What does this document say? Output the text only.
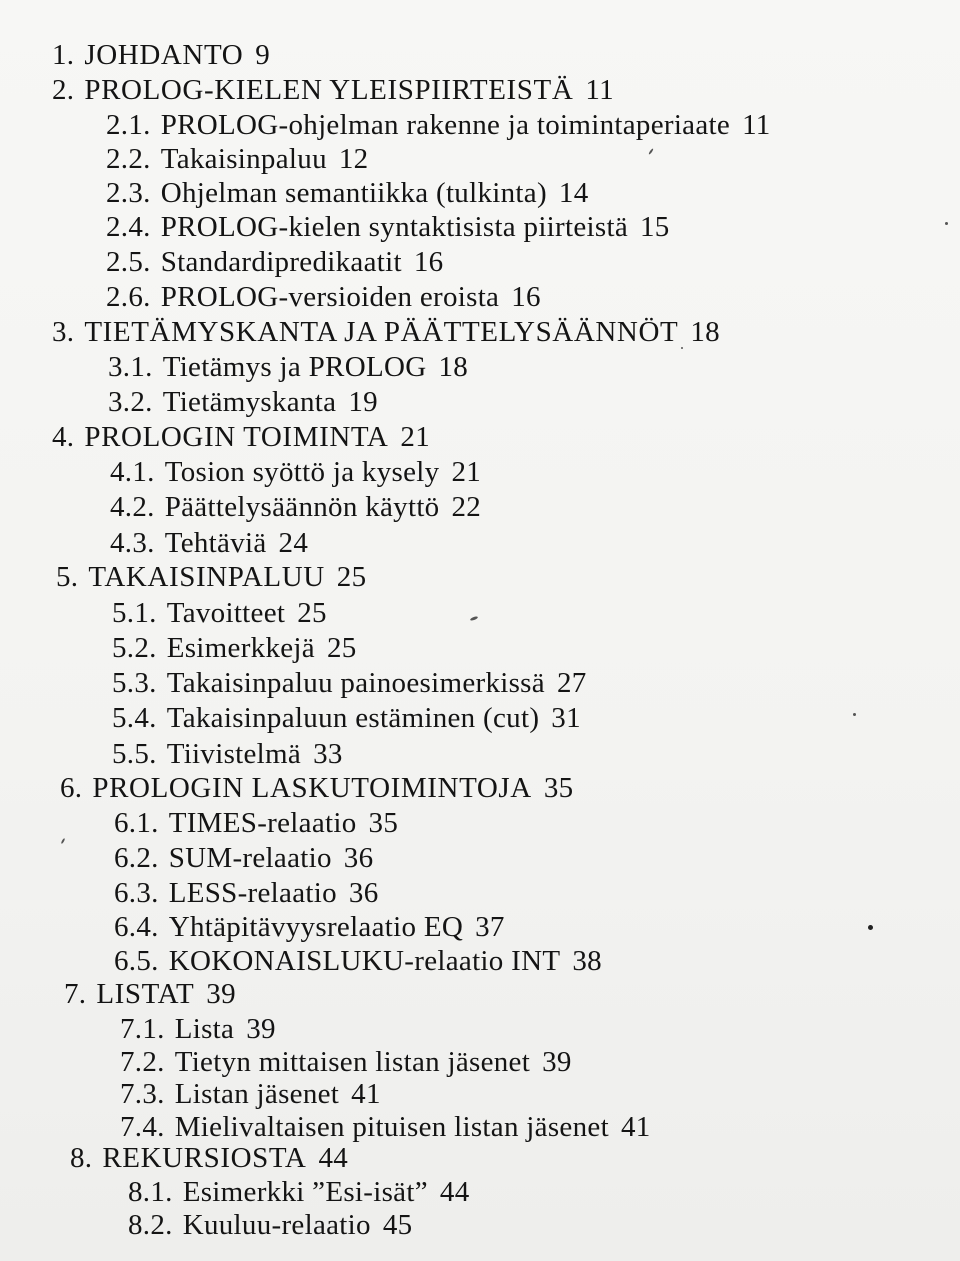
1. JOHDANTO 9
2. PROLOG-KIELEN YLEISPIIRTEISTÄ 11
2.1. PROLOG-ohjelman rakenne ja toimintaperiaate 11
2.2. Takaisinpaluu 12
2.3. Ohjelman semantiikka (tulkinta) 14
2.4. PROLOG-kielen syntaktisista piirteistä 15
2.5. Standardipredikaatit 16
2.6. PROLOG-versioiden eroista 16
3. TIETÄMYSKANTA JA PÄÄTTELYSÄÄNNÖT 18
3.1. Tietämys ja PROLOG 18
3.2. Tietämyskanta 19
4. PROLOGIN TOIMINTA 21
4.1. Tosion syöttö ja kysely 21
4.2. Päättelysäännön käyttö 22
4.3. Tehtäviä 24
5. TAKAISINPALUU 25
5.1. Tavoitteet 25
5.2. Esimerkkejä 25
5.3. Takaisinpaluu painoesimerkissä 27
5.4. Takaisinpaluun estäminen (cut) 31
5.5. Tiivistelmä 33
6. PROLOGIN LASKUTOIMINTOJA 35
6.1. TIMES-relaatio 35
6.2. SUM-relaatio 36
6.3. LESS-relaatio 36
6.4. Yhtäpitävyysrelaatio EQ 37
6.5. KOKONAISLUKU-relaatio INT 38
7. LISTAT 39
7.1. Lista 39
7.2. Tietyn mittaisen listan jäsenet 39
7.3. Listan jäsenet 41
7.4. Mielivaltaisen pituisen listan jäsenet 41
8. REKURSIOSTA 44
8.1. Esimerkki ”Esi-isät” 44
8.2. Kuuluu-relaatio 45
